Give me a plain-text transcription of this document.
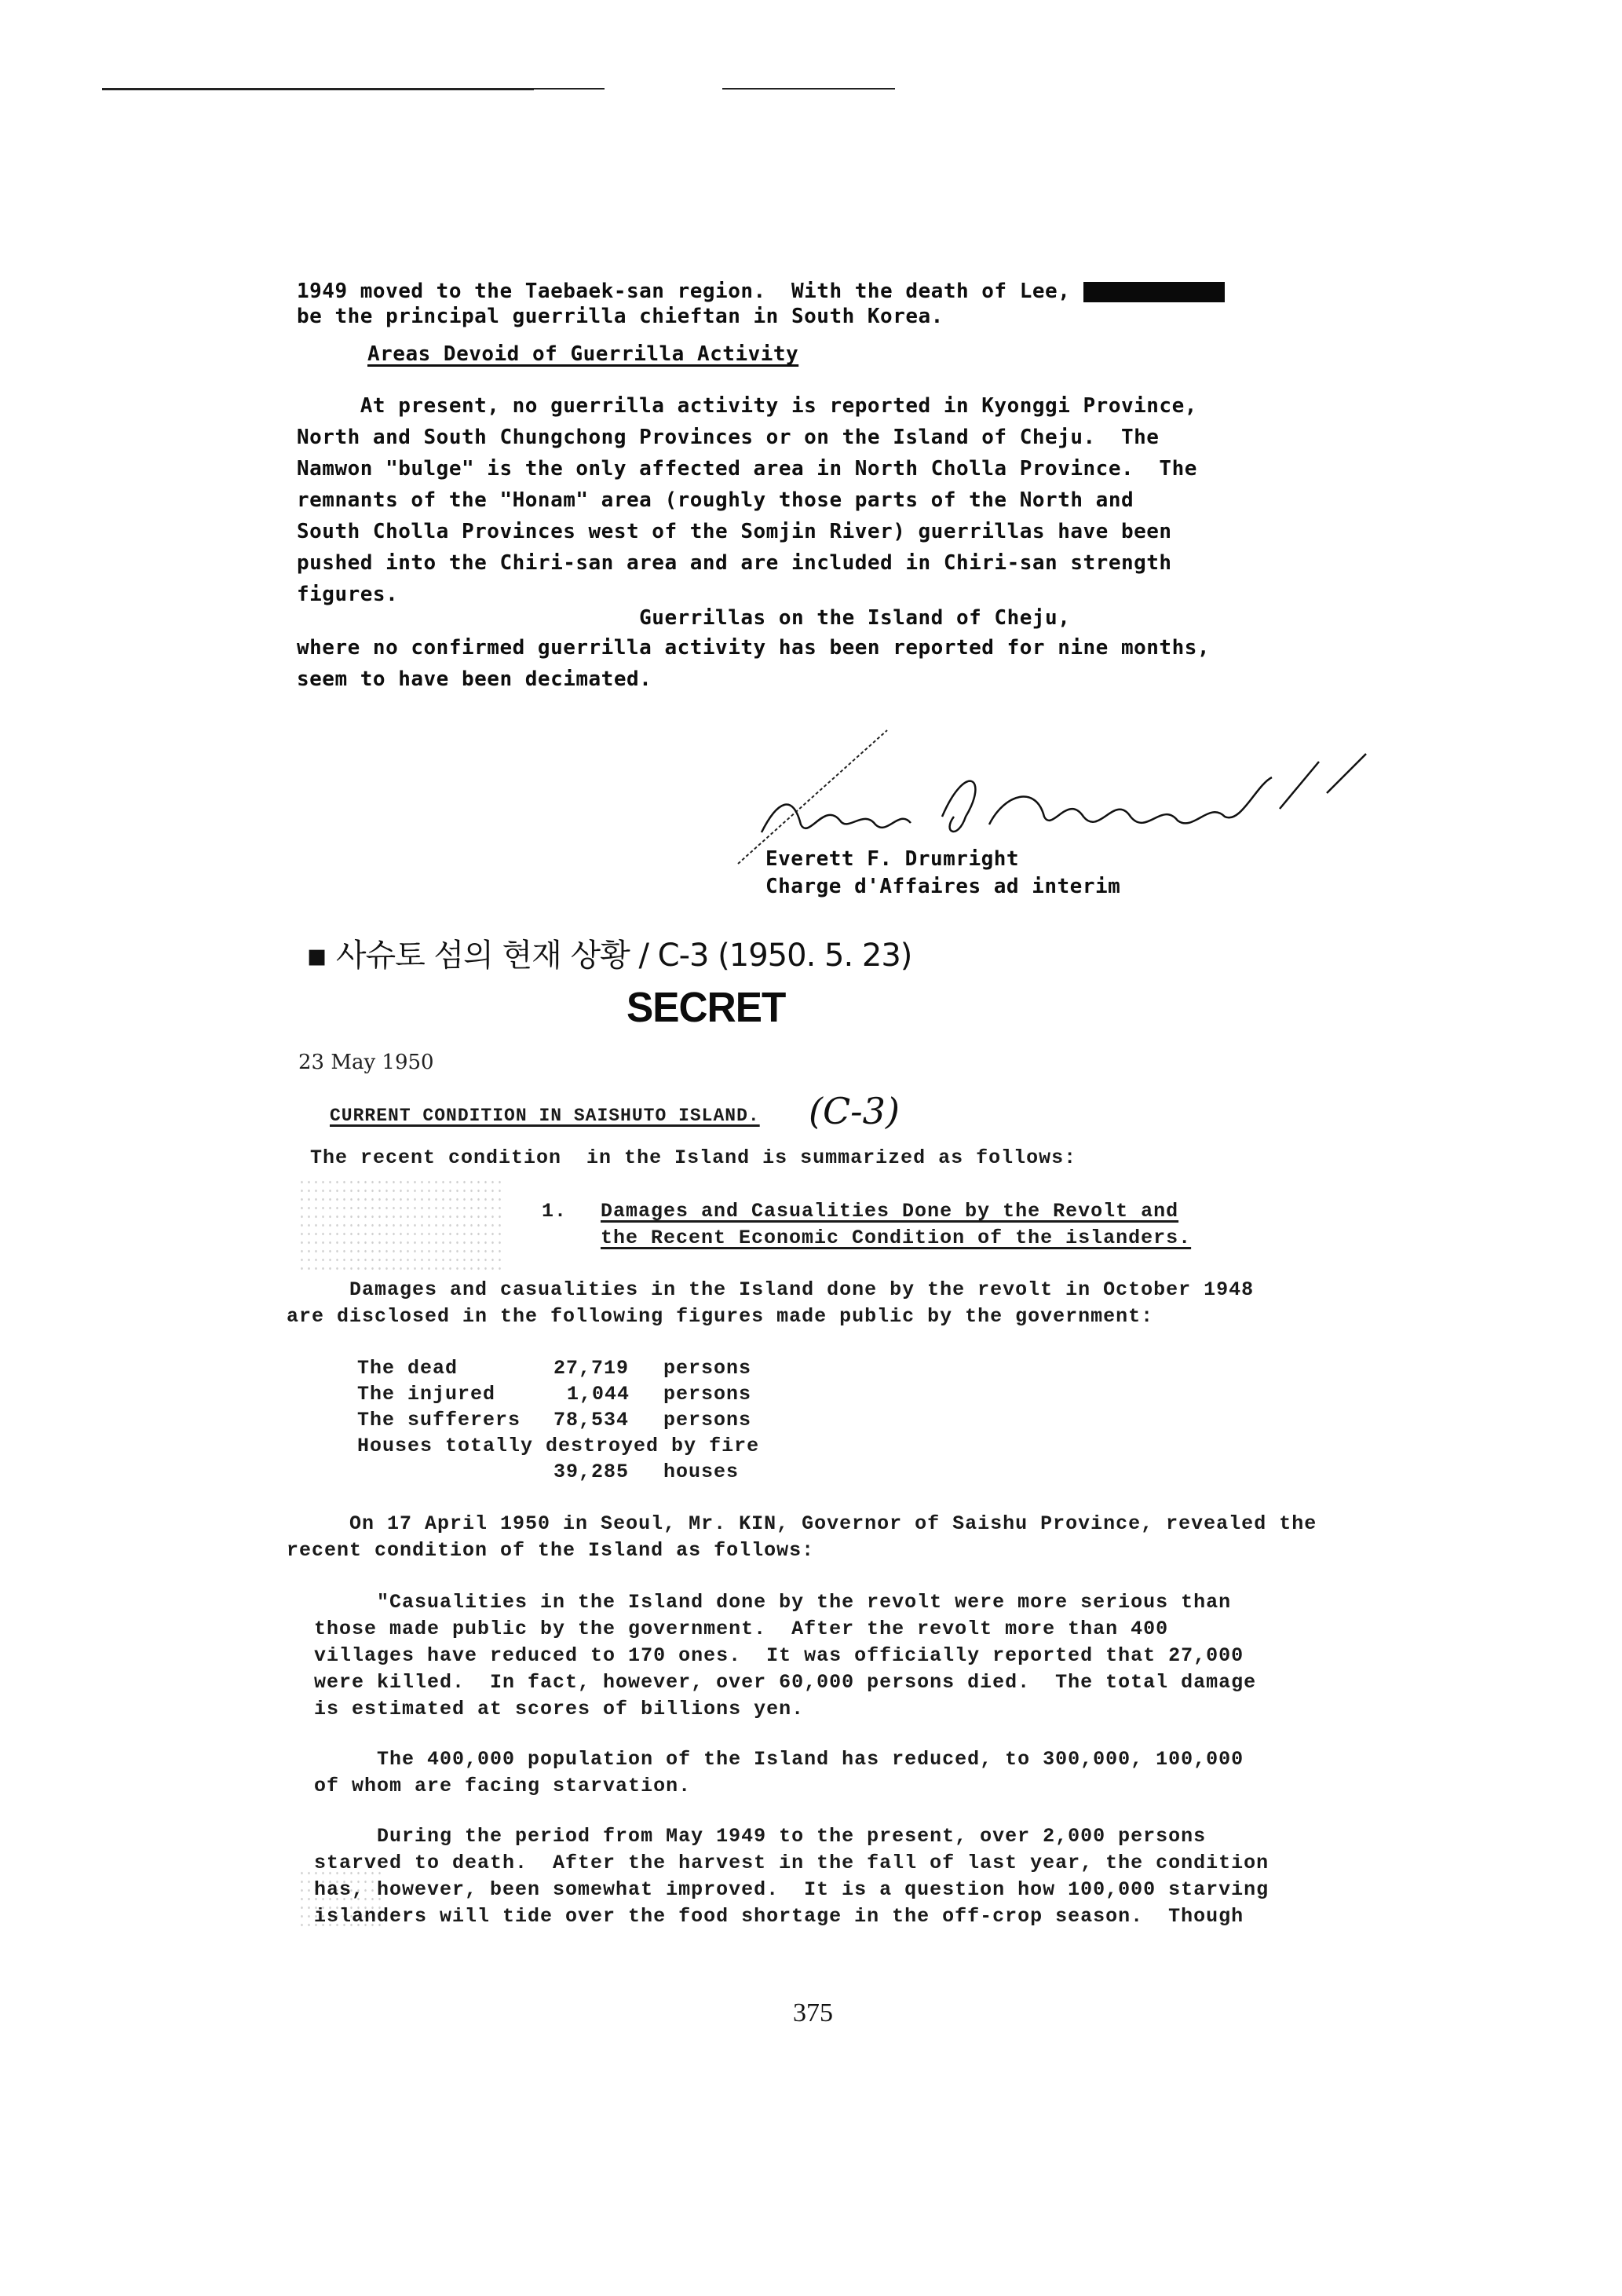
1949 moved to the Taebaek-san region.  With the death of Lee,
be the principal guerrilla chieftan in South Korea.
Areas Devoid of Guerrilla Activity
At present, no guerrilla activity is reported in Kyonggi Province,
North and South Chungchong Provinces or on the Island of Cheju.  The
Namwon "bulge" is the only affected area in North Cholla Province.  The
remnants of the "Honam" area (roughly those parts of the North and
South Cholla Provinces west of the Somjin River) guerrillas have been
pushed into the Chiri-san area and are included in Chiri-san strength
figures.
Guerrillas on the Island of Cheju,
where no confirmed guerrilla activity has been reported for nine months,
seem to have been decimated.
Everett F. Drumright
Charge d'Affaires ad interim
▪ 사슈토 섬의 현재 상황 / C-3 (1950. 5. 23)
SECRET
23 May 1950
CURRENT CONDITION IN SAISHUTO ISLAND. (C-3)
The recent condition  in the Island is summarized as follows:
1. Damages and Casualities Done by the Revolt and
the Recent Economic Condition of the islanders.
Damages and casualities in the Island done by the revolt in October 1948
are disclosed in the following figures made public by the government:
The dead	27,719 persons
The injured	1,044 persons
The sufferers 78,534 persons
Houses totally destroyed by fire
39,285 houses
On 17 April 1950 in Seoul, Mr. KIN, Governor of Saishu Province, revealed the
recent condition of the Island as follows:
"Casualities in the Island done by the revolt were more serious than
those made public by the government.  After the revolt more than 400
villages have reduced to 170 ones.  It was officially reported that 27,000
were killed.  In fact, however, over 60,000 persons died.  The total damage
is estimated at scores of billions yen.
The 400,000 population of the Island has reduced, to 300,000, 100,000
of whom are facing starvation.
During the period from May 1949 to the present, over 2,000 persons
starved to death.  After the harvest in the fall of last year, the condition
has, however, been somewhat improved.  It is a question how 100,000 starving
islanders will tide over the food shortage in the off-crop season.  Though
375
